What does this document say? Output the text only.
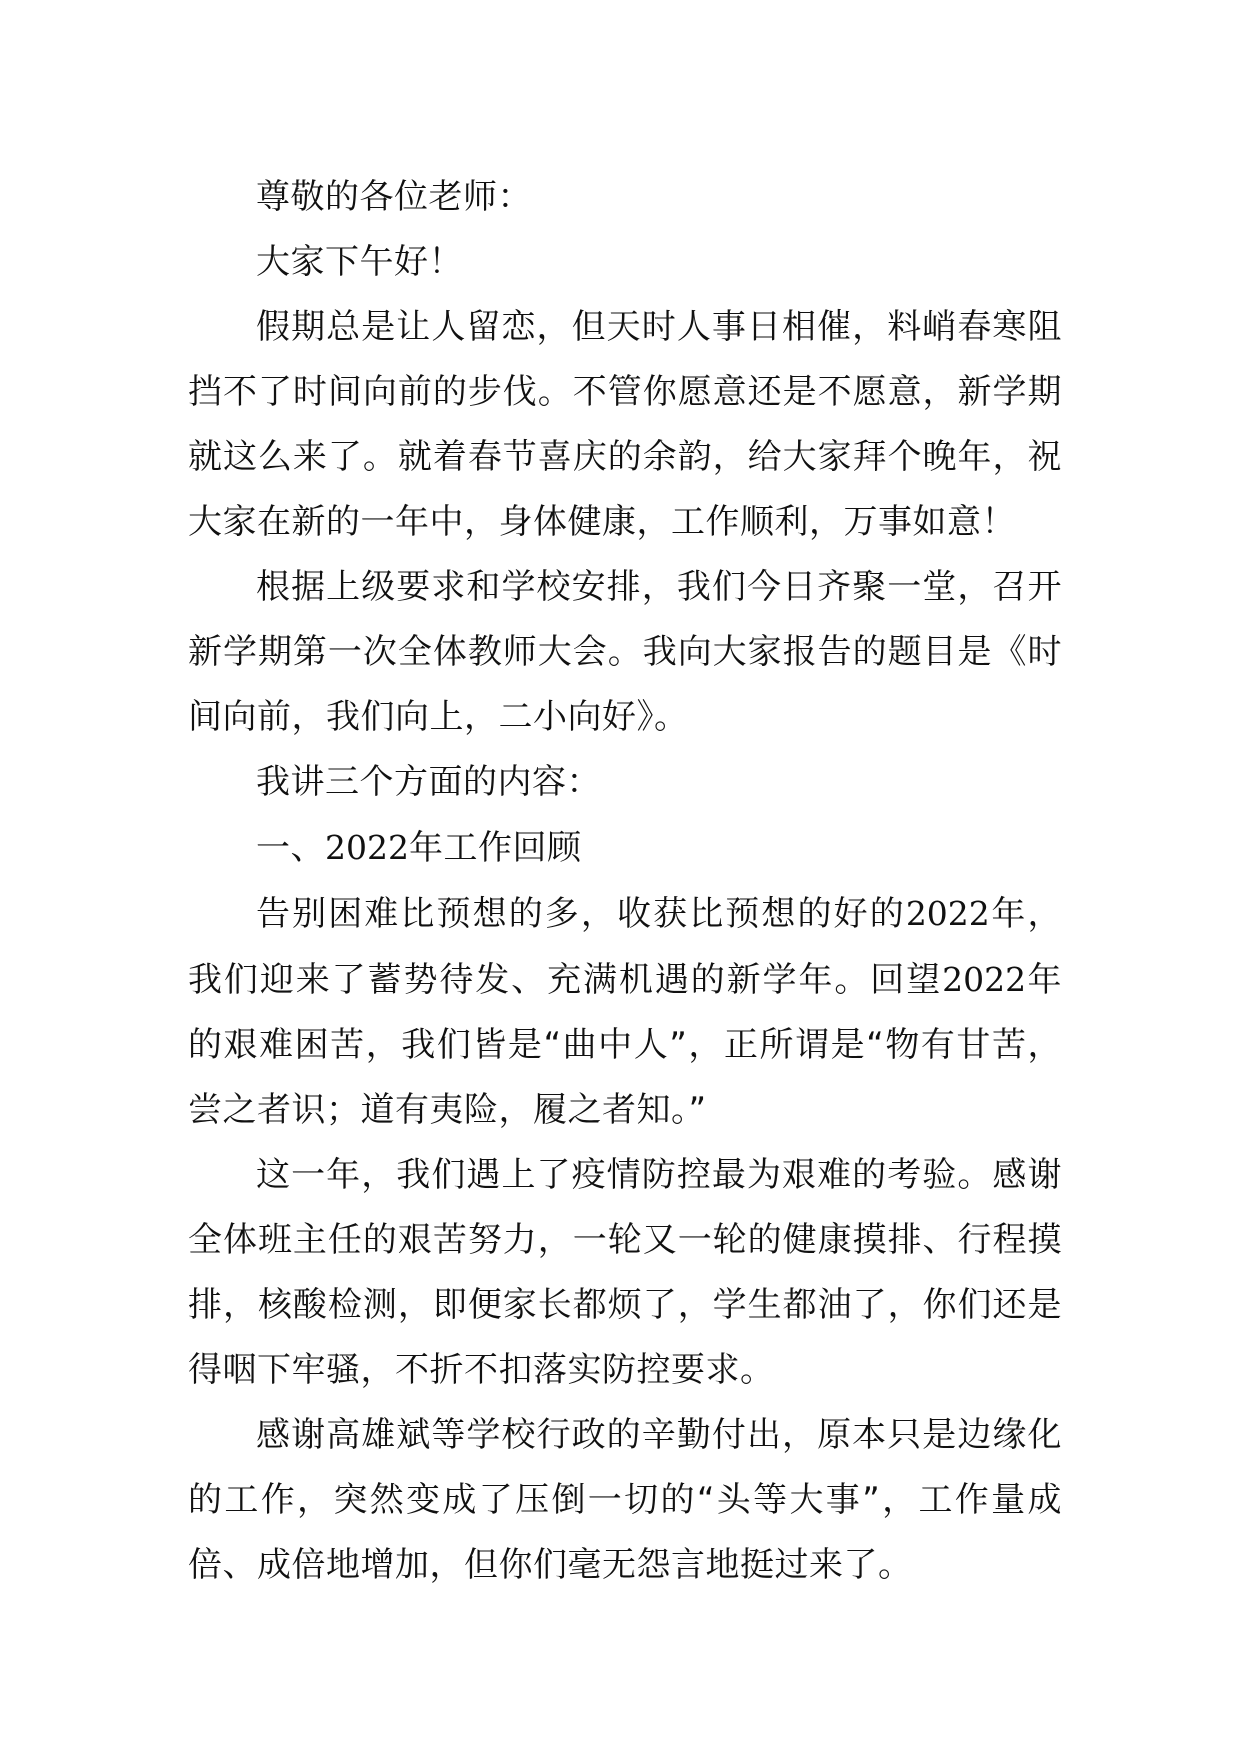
尊敬的各位老师：

大家下午好！

假期总是让人留恋，但天时人事日相催，料峭春寒阻挡不了时间向前的步伐。不管你愿意还是不愿意，新学期就这么来了。就着春节喜庆的余韵，给大家拜个晚年，祝大家在新的一年中，身体健康，工作顺利，万事如意！

根据上级要求和学校安排，我们今日齐聚一堂，召开新学期第一次全体教师大会。我向大家报告的题目是《时间向前，我们向上，二小向好》。

我讲三个方面的内容：

一、2022年工作回顾

告别困难比预想的多，收获比预想的好的2022年，我们迎来了蓄势待发、充满机遇的新学年。回望2022年的艰难困苦，我们皆是“曲中人”，正所谓是“物有甘苦，尝之者识；道有夷险，履之者知。”

这一年，我们遇上了疫情防控最为艰难的考验。感谢全体班主任的艰苦努力，一轮又一轮的健康摸排、行程摸排，核酸检测，即便家长都烦了，学生都油了，你们还是得咽下牢骚，不折不扣落实防控要求。

感谢高雄斌等学校行政的辛勤付出，原本只是边缘化的工作，突然变成了压倒一切的“头等大事”，工作量成倍、成倍地增加，但你们毫无怨言地挺过来了。
